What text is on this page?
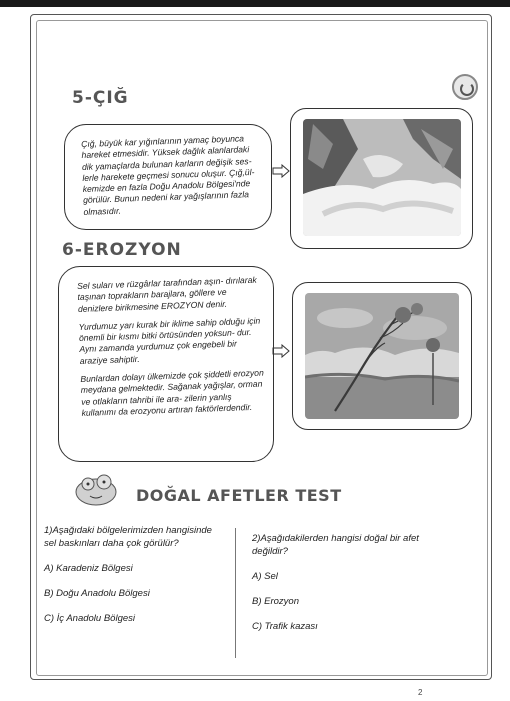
5-ÇIĞ
Çığ, büyük kar yığınlarının yamaç boyunca hareket etmesidir. Yüksek dağlık alanlardaki dik yamaçlarda bulunan karların değişik ses- lerle harekete geçmesi sonucu oluşur. Çığ,ül- kemizde en fazla Doğu Anadolu Bölgesi'nde görülür. Bunun nedeni kar yağışlarının fazla olmasıdır.
6-EROZYON

Sel suları ve rüzgârlar tarafından aşın- dırılarak taşınan toprakların barajlara, göllere ve denizlere birikmesine EROZYON denir.

Yurdumuz yarı kurak bir iklime sahip olduğu için önemli bir kısmı bitki örtüsünden yoksun- dur. Aynı zamanda yurdumuz çok engebeli bir araziye sahiptir.

Bunlardan dolayı ülkemizde çok şiddetli erozyon meydana gelmektedir. Sağanak yağışlar, orman ve otlakların tahribi ile ara- zilerin yanlış kullanımı da erozyonu artıran faktörlerdendir.

DOĞAL AFETLER TEST
1)Aşağıdaki bölgelerimizden hangisinde sel baskınları daha çok görülür?
A) Karadeniz Bölgesi
B) Doğu Anadolu Bölgesi
C) İç Anadolu Bölgesi
2)Aşağıdakilerden hangisi doğal bir afet değildir?
A) Sel
B) Erozyon
C) Trafik kazası
2
